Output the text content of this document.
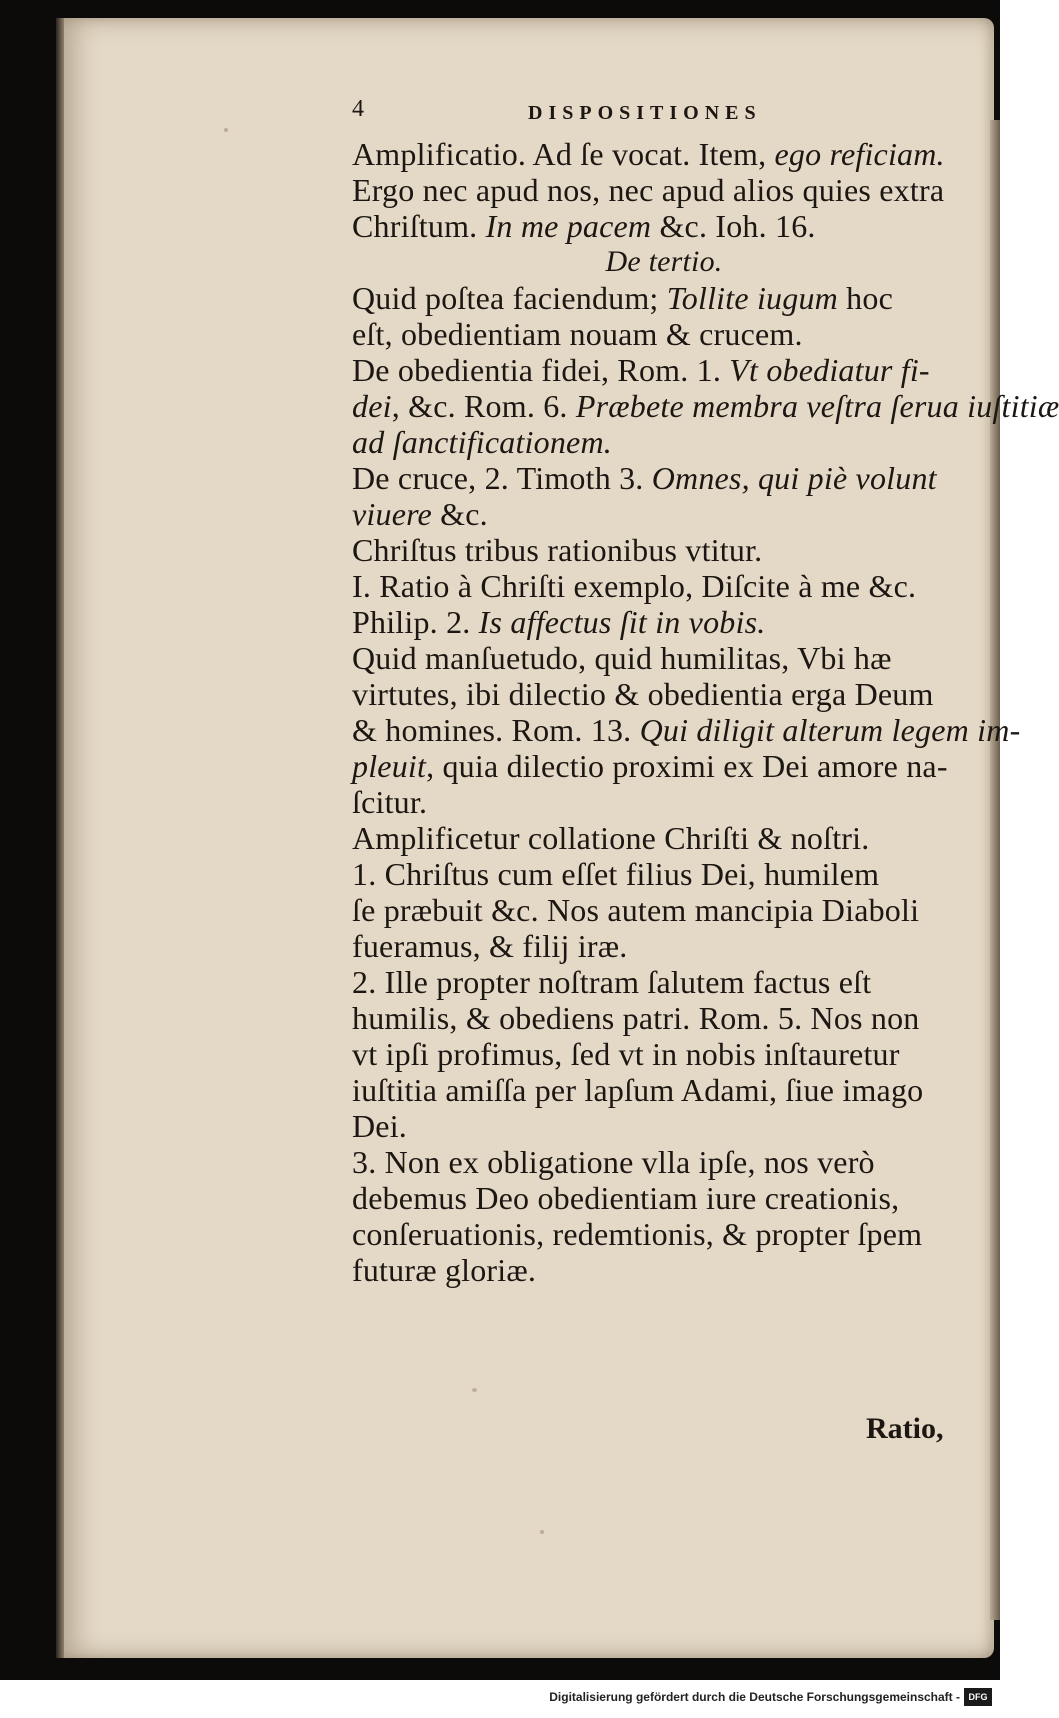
4	DISPOSITIONES
Amplificatio. Ad ſe vocat. Item, ego reficiam.
Ergo nec apud nos, nec apud alios quies extra
Chriſtum. In me pacem &c. Ioh. 16.
De tertio.
Quid poſtea faciendum; Tollite iugum hoc
eſt, obedientiam nouam & crucem.
De obedientia fidei, Rom. 1. Vt obediatur fi-
dei, &c. Rom. 6. Præbete membra veſtra ſerua iuſtitiæ
ad ſanctificationem.
De cruce, 2. Timoth 3. Omnes, qui piè volunt
viuere &c.
Chriſtus tribus rationibus vtitur.
I. Ratio à Chriſti exemplo, Diſcite à me &c.
Philip. 2. Is affectus ſit in vobis.
Quid manſuetudo, quid humilitas, Vbi hæ
virtutes, ibi dilectio & obedientia erga Deum
& homines. Rom. 13. Qui diligit alterum legem im-
pleuit, quia dilectio proximi ex Dei amore na-
ſcitur.
Amplificetur collatione Chriſti & noſtri.
1. Chriſtus cum eſſet filius Dei, humilem
ſe præbuit &c. Nos autem mancipia Diaboli
fueramus, & filij iræ.
2. Ille propter noſtram ſalutem factus eſt
humilis, & obediens patri. Rom. 5. Nos non
vt ipſi profimus, ſed vt in nobis inſtauretur
iuſtitia amiſſa per lapſum Adami, ſiue imago
Dei.
3. Non ex obligatione vlla ipſe, nos verò
debemus Deo obedientiam iure creationis,
conſeruationis, redemtionis, & propter ſpem
futuræ gloriæ.
Ratio,
Digitalisierung gefördert durch die Deutsche Forschungsgemeinschaft - DFG
